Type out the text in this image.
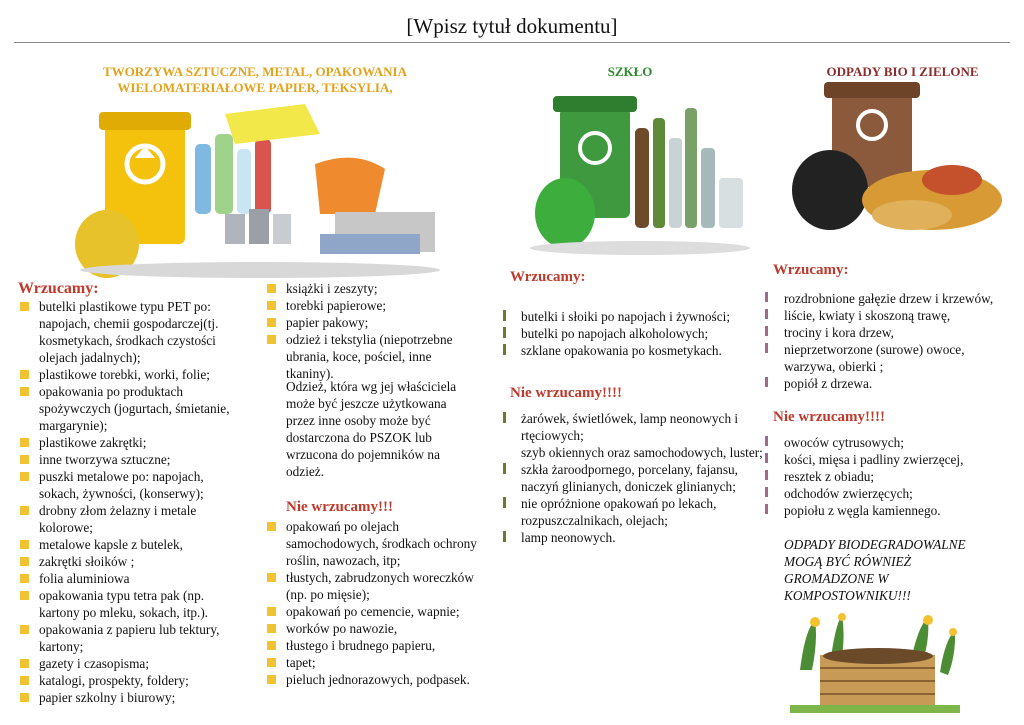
[Wpisz tytuł dokumentu]
TWORZYWA SZTUCZNE, METAL, OPAKOWANIA
WIELOMATERIAŁOWE PAPIER, TEKSYLIA,
SZKŁO	ODPADY BIO I ZIELONE
Wrzucamy:
butelki plastikowe typu PET po: napojach, chemii gospodarczej(tj. kosmetykach, środkach czystości olejach jadalnych);
plastikowe torebki, worki, folie;
opakowania po produktach spożywczych (jogurtach, śmietanie, margarynie);
plastikowe zakrętki;
inne tworzywa sztuczne;
puszki metalowe po: napojach, sokach, żywności, (konserwy);
drobny złom żelazny i metale kolorowe;
metalowe kapsle z butelek,
zakrętki słoików ;
folia aluminiowa
opakowania typu tetra pak (np. kartony po mleku, sokach, itp.).
opakowania z papieru lub tektury, kartony;
gazety i czasopisma;
katalogi, prospekty, foldery;
papier szkolny i biurowy;
książki i zeszyty;
torebki papierowe;
papier pakowy;
odzież i tekstylia (niepotrzebne ubrania, koce, pościel, inne tkaniny).
Odzież, która wg jej właściciela może być jeszcze użytkowana przez inne osoby może być dostarczona do PSZOK lub wrzucona do pojemników na odzież.
Nie wrzucamy!!!
opakowań po olejach samochodowych, środkach ochrony roślin, nawozach, itp;
tłustych, zabrudzonych woreczków (np. po mięsie);
opakowań po cemencie, wapnie;
worków po nawozie,
tłustego i brudnego papieru,
tapet;
pieluch jednorazowych, podpasek.
Wrzucamy:
butelki i słoiki po napojach i żywności;
butelki po napojach alkoholowych;
szklane opakowania po kosmetykach.
Nie wrzucamy!!!!
żarówek, świetlówek, lamp neonowych i rtęciowych;
szyb okiennych oraz samochodowych, luster;
szkła żaroodpornego, porcelany, fajansu, naczyń glinianych, doniczek glinianych;
nie opróżnione opakowań po lekach, rozpuszczalnikach, olejach;
lamp neonowych.
Wrzucamy:
rozdrobnione gałęzie drzew i krzewów,
liście, kwiaty i skoszoną trawę,
trociny i kora drzew,
nieprzetworzone (surowe) owoce, warzywa, obierki ;
popiół z drzewa.
Nie wrzucamy!!!!
owoców cytrusowych;
kości, mięsa i padliny zwierzęcej,
resztek z obiadu;
odchodów zwierzęcych;
popiołu z węgla kamiennego.
ODPADY BIODEGRADOWALNE MOGĄ BYĆ RÓWNIEŻ GROMADZONE W KOMPOSTOWNIKU!!!
